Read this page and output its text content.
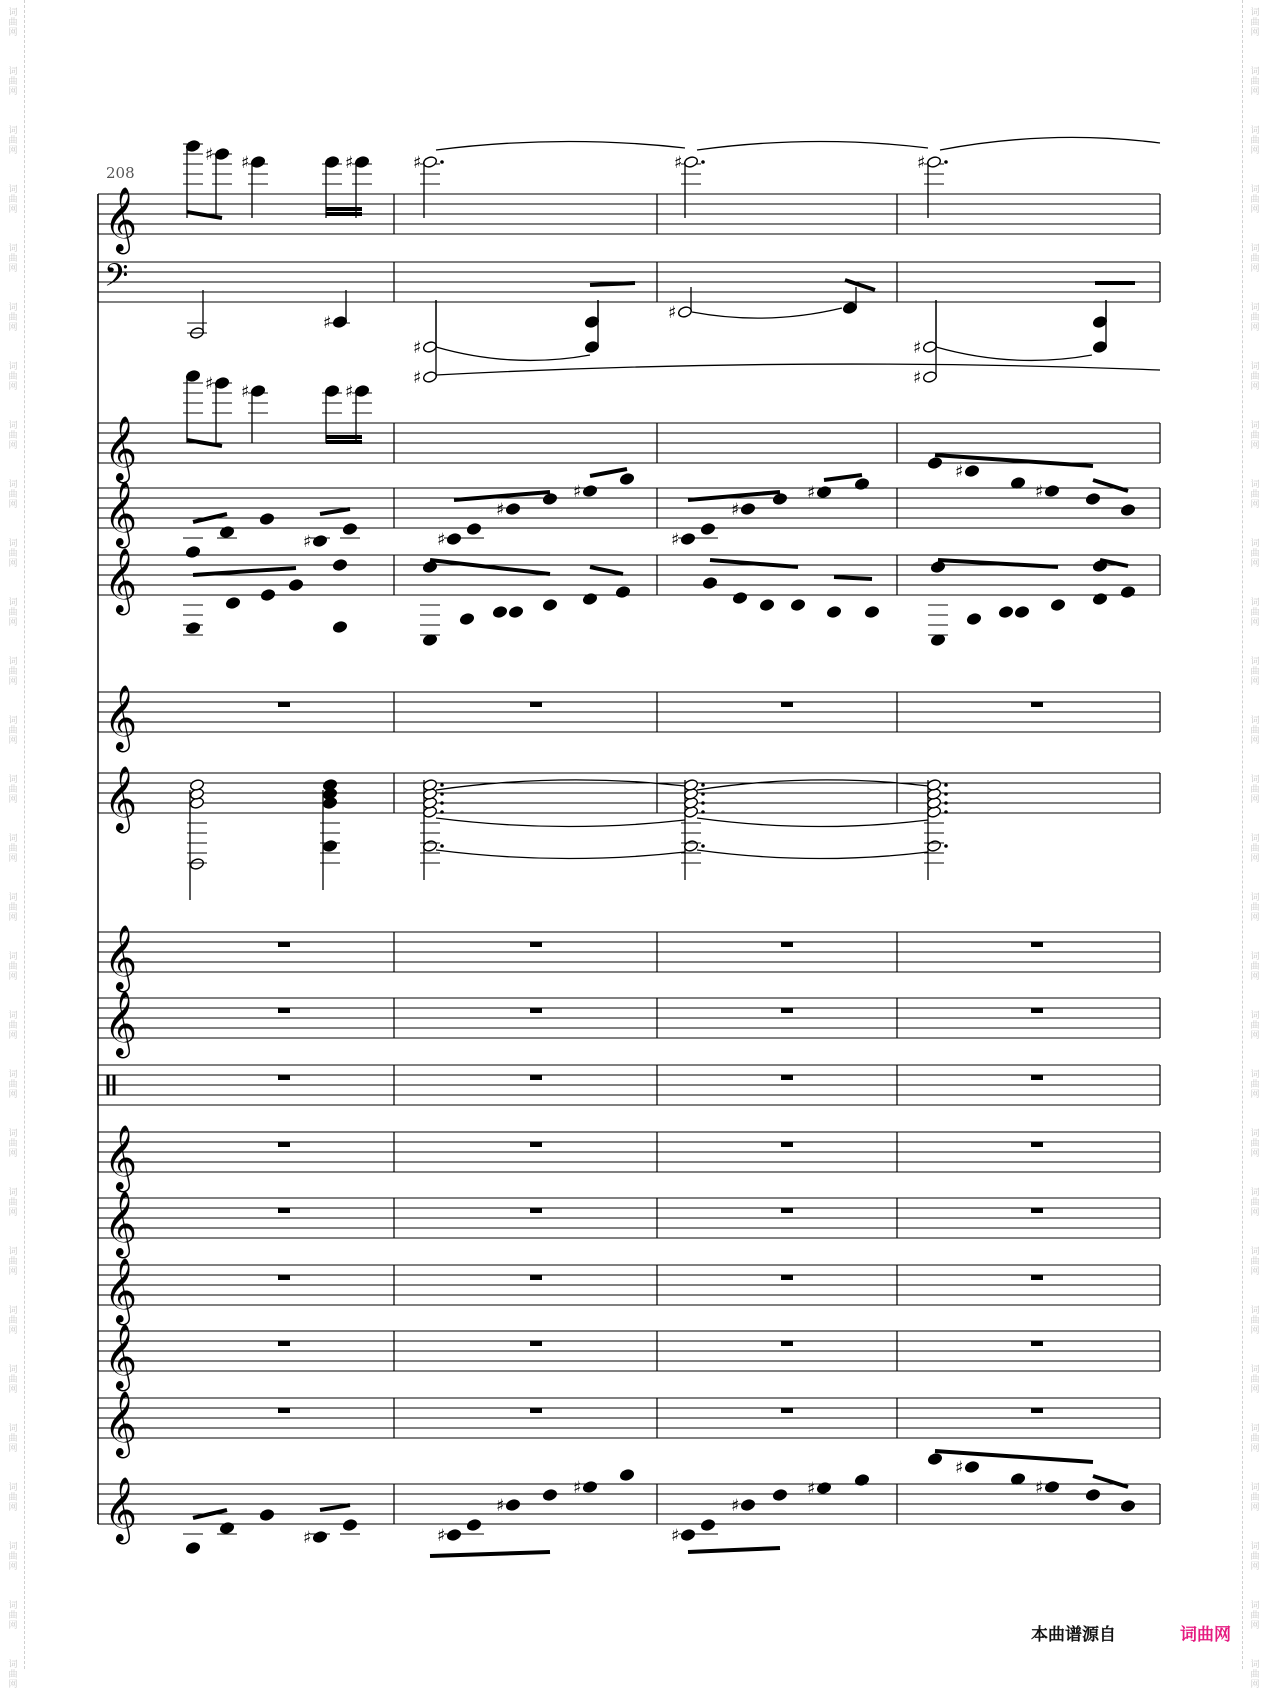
词
曲
网
词
曲
网
词
曲
网
词
曲
网
词
曲
网
词
曲
网
词
曲
网
词
曲
网
词
曲
网
词
曲
网
词
曲
网
词
曲
网
词
曲
网
词
曲
网
词
曲
网
词
曲
网
词
曲
网
词
曲
网
词
曲
网
词
曲
网
词
曲
网
词
曲
网
词
曲
网
词
曲
网
词
曲
网
词
曲
网
词
曲
网
词
曲
网
词
曲
网
词
曲
网
词
曲
网
词
曲
网
词
曲
网
词
曲
网
词
曲
网
词
曲
网
词
曲
网
词
曲
网
词
曲
网
词
曲
网
词
曲
网
词
曲
网
词
曲
网
词
曲
网
词
曲
网
词
曲
网
词
曲
网
词
曲
网
词
曲
网
词
曲
网
词
曲
网
词
曲
网
词
曲
网
词
曲
网
词
曲
网
词
曲
网
词
曲
网
词
曲
网
𝄞
𝄢
𝄞
𝄞
𝄞
𝄞
𝄞
𝄞
𝄞
𝄞
𝄞
𝄞
𝄞
𝄞
𝄞
♯ ♯	♯	♯	♯	♯
♯
♯
♯
♯
♯
♯
♯ ♯	♯
♯	♯
♯
♯
♯
♯
♯
♯
♯
♯	♯
♯
♯
♯
♯
♯
♯
♯
208
本曲谱源自	词曲网
